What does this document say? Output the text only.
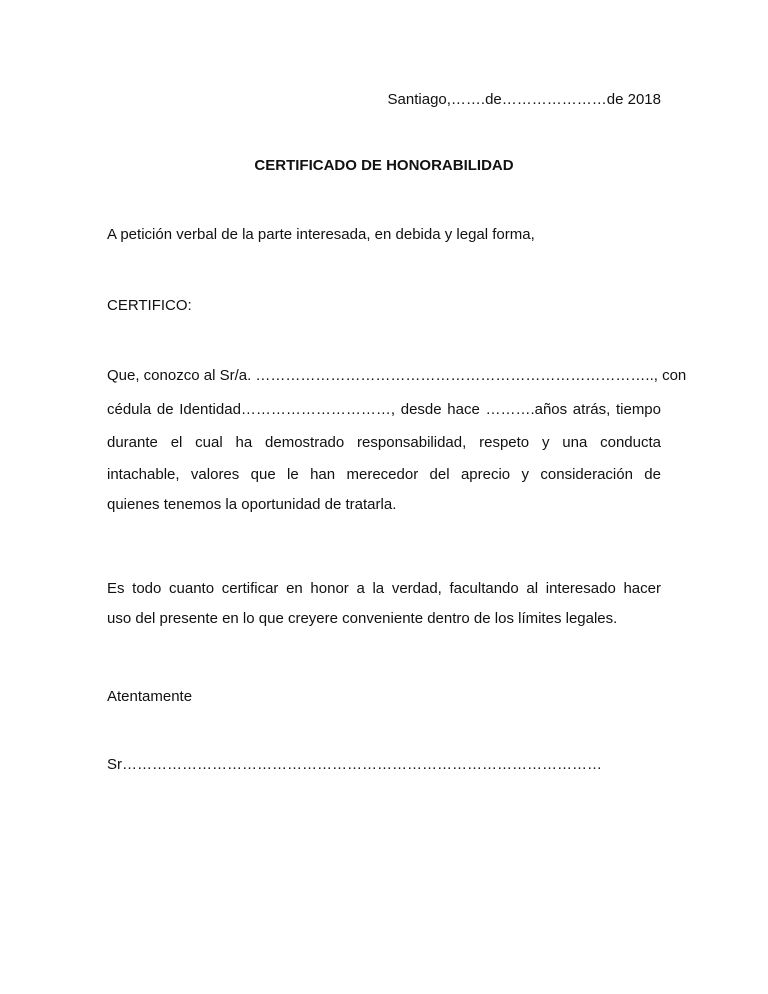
Santiago,…….de…………………de 2018
CERTIFICADO DE HONORABILIDAD
A petición verbal de la parte interesada, en debida y legal forma,
CERTIFICO:
Que, conozco al Sr/a. …………………………………………………………………….., con
cédula de Identidad…………………………, desde hace ……….años atrás, tiempo
durante el cual ha demostrado responsabilidad, respeto y una conducta
intachable, valores que le han merecedor del aprecio y consideración de
quienes tenemos la oportunidad de tratarla.
Es todo cuanto certificar en honor a la verdad, facultando al interesado hacer
uso del presente en lo que creyere conveniente dentro de los límites legales.
Atentamente
Sr……………………………………………………………………………………
